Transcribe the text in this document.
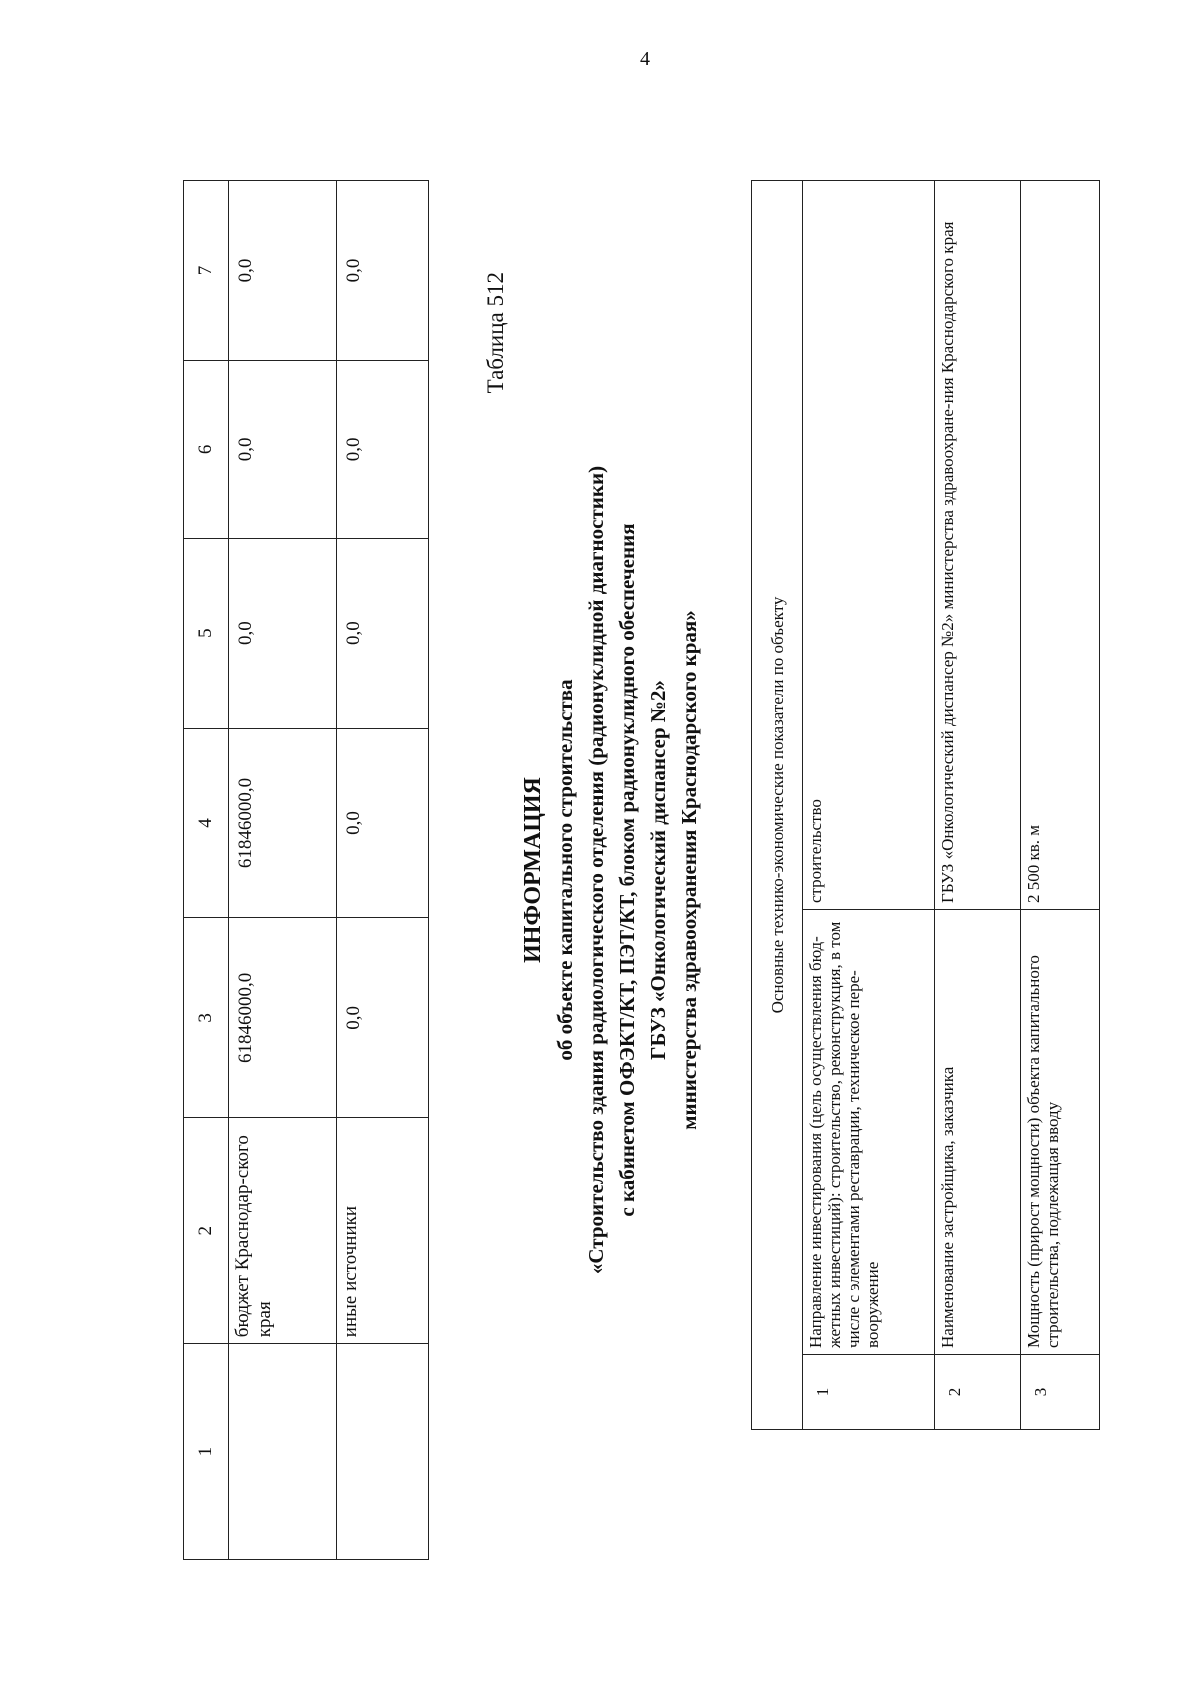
4
1	2	3	4	5	6	7
	бюджет Краснодар-ского края	61846000,0	61846000,0	0,0	0,0	0,0
	иные источники	0,0	0,0	0,0	0,0	0,0
Таблица 512
ИНФОРМАЦИЯ об объекте капитального строительства «Строительство здания радиологического отделения (радионуклидной диагностики) с кабинетом ОФЭКТ/КТ, ПЭТ/КТ, блоком радионуклидного обеспечения ГБУЗ «Онкологический диспансер №2» министерства здравоохранения Краснодарского края»	Основные технико-экономические показатели по объекту		
1	Направление инвестирования (цель осуществления бюд-жетных инвестиций): строительство, реконструкция, в том числе с элементами реставрации, техническое пере-вооружение	строительство
2	Наименование застройщика, заказчика	ГБУЗ «Онкологический диспансер №2» министерства здравоохране-ния Краснодарского края
3	Мощность (прирост мощности) объекта капитального строительства, подлежащая вводу	2 500 кв. м
